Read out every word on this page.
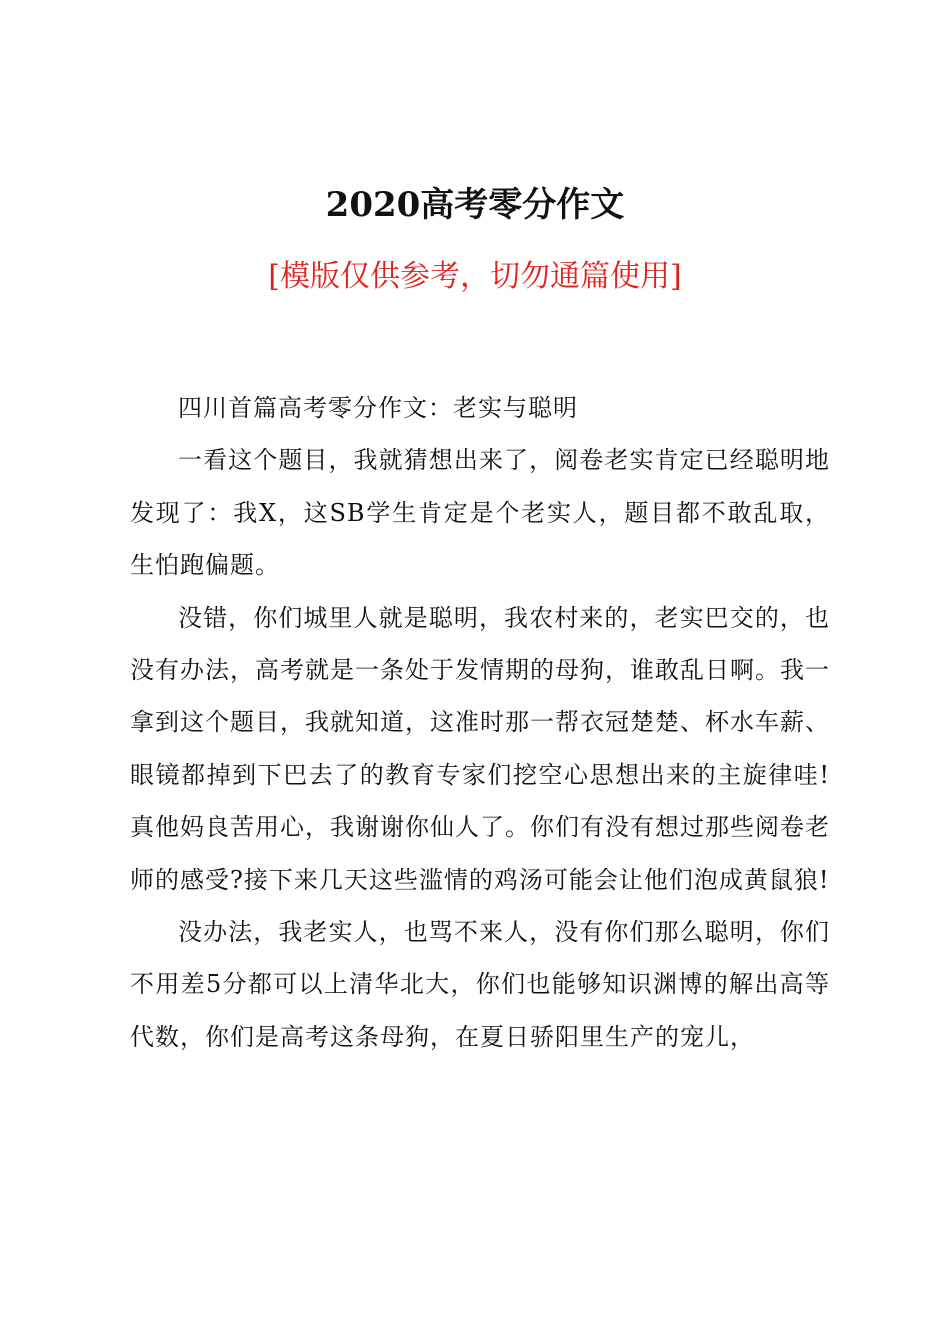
2020高考零分作文
[模版仅供参考，切勿通篇使用]

四川首篇高考零分作文：老实与聪明

一看这个题目，我就猜想出来了，阅卷老实肯定已经聪明地发现了：我X，这SB学生肯定是个老实人，题目都不敢乱取，生怕跑偏题。

没错，你们城里人就是聪明，我农村来的，老实巴交的，也没有办法，高考就是一条处于发情期的母狗，谁敢乱日啊。我一拿到这个题目，我就知道，这准时那一帮衣冠楚楚、杯水车薪、眼镜都掉到下巴去了的教育专家们挖空心思想出来的主旋律哇!真他妈良苦用心，我谢谢你仙人了。你们有没有想过那些阅卷老师的感受?接下来几天这些滥情的鸡汤可能会让他们泡成黄鼠狼!

没办法，我老实人，也骂不来人，没有你们那么聪明，你们不用差5分都可以上清华北大，你们也能够知识渊博的解出高等代数，你们是高考这条母狗，在夏日骄阳里生产的宠儿，
